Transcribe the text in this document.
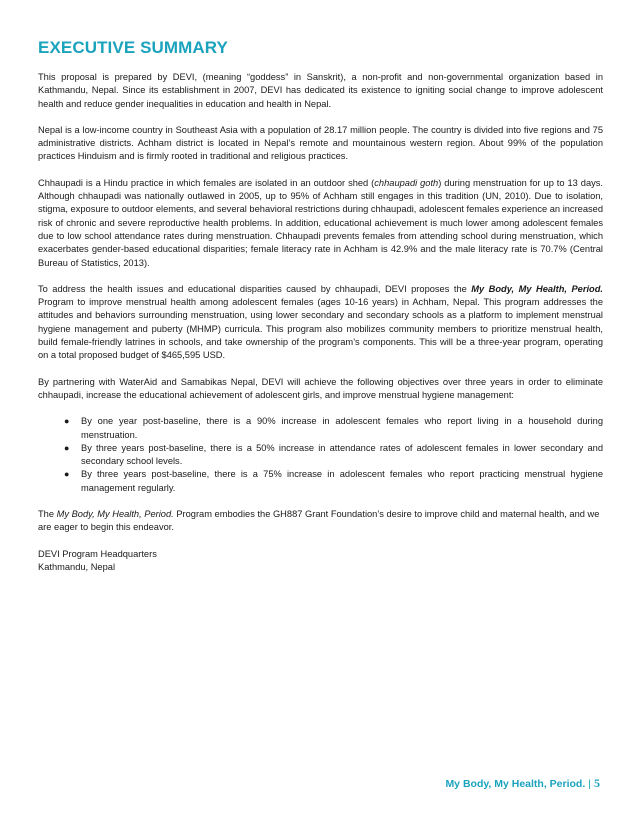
EXECUTIVE SUMMARY

This proposal is prepared by DEVI, (meaning “goddess” in Sanskrit), a non-profit and non-governmental organization based in Kathmandu, Nepal. Since its establishment in 2007, DEVI has dedicated its existence to igniting social change to improve adolescent health and reduce gender inequalities in education and health in Nepal.

Nepal is a low-income country in Southeast Asia with a population of 28.17 million people. The country is divided into five regions and 75 administrative districts. Achham district is located in Nepal’s remote and mountainous western region. About 99% of the population practices Hinduism and is firmly rooted in traditional and religious practices.

Chhaupadi is a Hindu practice in which females are isolated in an outdoor shed (chhaupadi goth) during menstruation for up to 13 days. Although chhaupadi was nationally outlawed in 2005, up to 95% of Achham still engages in this tradition (UN, 2010). Due to isolation, stigma, exposure to outdoor elements, and several behavioral restrictions during chhaupadi, adolescent females experience an increased risk of chronic and severe reproductive health problems. In addition, educational achievement is much lower among adolescent females due to low school attendance rates during menstruation. Chhaupadi prevents females from attending school during menstruation, which exacerbates gender-based educational disparities; female literacy rate in Achham is 42.9% and the male literacy rate is 70.7% (Central Bureau of Statistics, 2013).

To address the health issues and educational disparities caused by chhaupadi, DEVI proposes the My Body, My Health, Period. Program to improve menstrual health among adolescent females (ages 10-16 years) in Achham, Nepal. This program addresses the attitudes and behaviors surrounding menstruation, using lower secondary and secondary schools as a platform to implement menstrual hygiene management and puberty (MHMP) curricula. This program also mobilizes community members to prioritize menstrual health, build female-friendly latrines in schools, and take ownership of the program’s components. This will be a three-year program, operating on a total proposed budget of $465,595 USD.

By partnering with WaterAid and Samabikas Nepal, DEVI will achieve the following objectives over three years in order to eliminate chhaupadi, increase the educational achievement of adolescent girls, and improve menstrual hygiene management:

● By one year post-baseline, there is a 90% increase in adolescent females who report living in a household during menstruation.
● By three years post-baseline, there is a 50% increase in attendance rates of adolescent females in lower secondary and secondary school levels.
● By three years post-baseline, there is a 75% increase in adolescent females who report practicing menstrual hygiene management regularly.

The My Body, My Health, Period. Program embodies the GH887 Grant Foundation’s desire to improve child and maternal health, and we are eager to begin this endeavor.

DEVI Program Headquarters
Kathmandu, Nepal

My Body, My Health, Period. | 5
